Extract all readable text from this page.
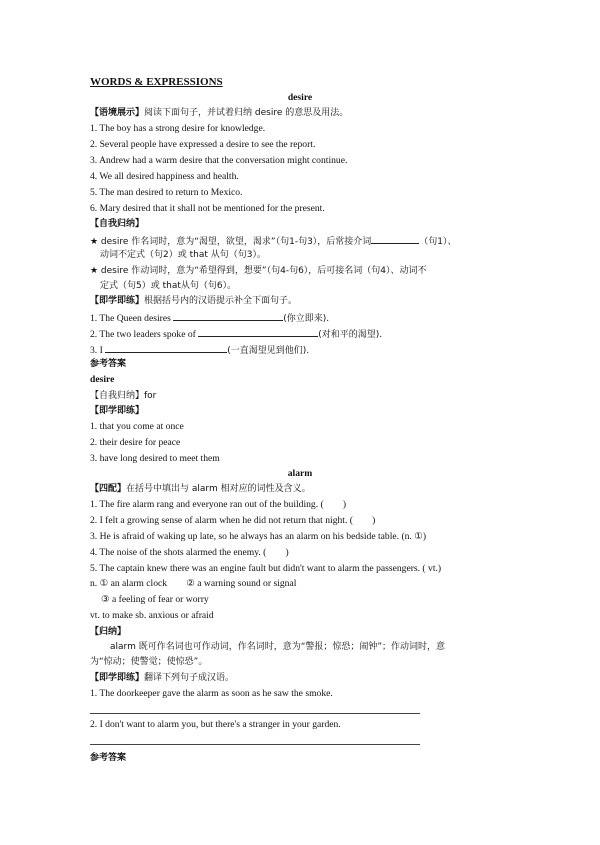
WORDS & EXPRESSIONS
desire
【语境展示】阅读下面句子，并试着归纳 desire 的意思及用法。
1. The boy has a strong desire for knowledge.
2. Several people have expressed a desire to see the report.
3. Andrew had a warm desire that the conversation might continue.
4. We all desired happiness and health.
5. The man desired to return to Mexico.
6. Mary desired that it shall not be mentioned for the present.
【自我归纳】
★ desire 作名词时，意为“渴望，欲望，渴求”（句1-句3），后常接介词	（句1）、
动词不定式（句2）或 that 从句（句3）。
★ desire 作动词时，意为“希望得到，想要”（句4-句6），后可接名词（句4）、动词不
定式（句5）或 that从句（句6）。
【即学即练】根据括号内的汉语提示补全下面句子。
1. The Queen desires	(你立即来).
2. The two leaders spoke of	(对和平的渴望).
3. I	(一直渴望见到他们).
参考答案
desire
【自我归纳】for
【即学即练】
1. that you come at once
2. their desire for peace
3. have long desired to meet them
alarm
【四配】在括号中填出与 alarm 相对应的词性及含义。
1. The fire alarm rang and everyone ran out of the building. (　　)
2. I felt a growing sense of alarm when he did not return that night. (　　)
3. He is afraid of waking up late, so he always has an alarm on his bedside table. (n. ①)
4. The noise of the shots alarmed the enemy. (　　)
5. The captain knew there was an engine fault but didn't want to alarm the passengers. ( vt.)
n. ① an alarm clock　　② a warning sound or signal
③ a feeling of fear or worry
vt. to make sb. anxious or afraid
【归纳】
alarm 既可作名词也可作动词，作名词时，意为“警报；惊恐；闹钟”；作动词时，意
为“惊动；使警觉；使惊恐”。
【即学即练】翻译下列句子成汉语。
1. The doorkeeper gave the alarm as soon as he saw the smoke.
2. I don't want to alarm you, but there's a stranger in your garden.
参考答案
